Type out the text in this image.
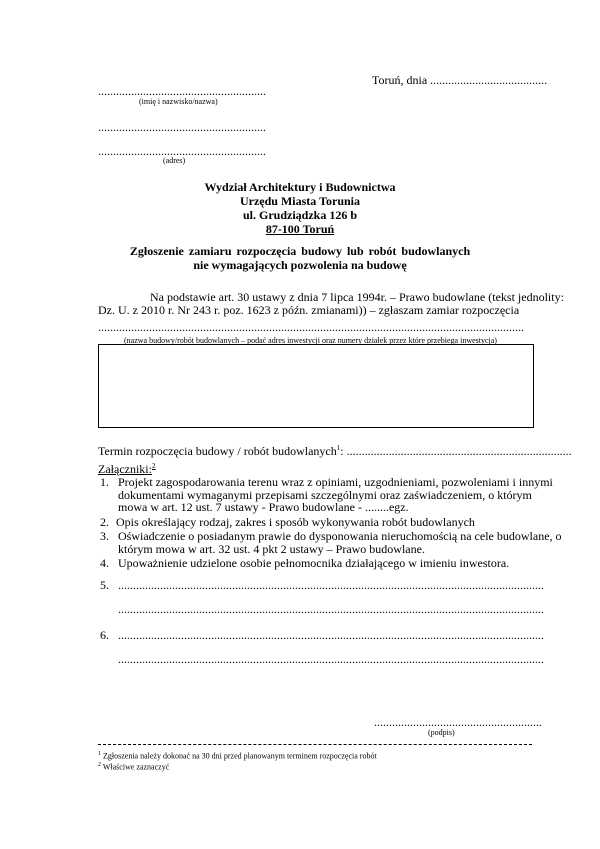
Toruń, dnia .......................................
........................................................
(imię i nazwisko/nazwa)
........................................................
........................................................
(adres)
Wydział Architektury i Budownictwa
Urzędu Miasta Torunia
ul. Grudziądzka 126 b
87-100 Toruń
Zgłoszenie zamiaru rozpoczęcia budowy lub robót budowlanych
nie wymagających pozwolenia na budowę
Na podstawie art. 30 ustawy z dnia 7 lipca 1994r. – Prawo budowlane (tekst jednolity:
Dz. U. z 2010 r. Nr 243 r. poz. 1623 z późn. zmianami)) – zgłaszam zamiar rozpoczęcia
..............................................................................................................................................
(nazwa budowy/robót budowlanych – podać adres inwestycji oraz numery działek przez które przebiega inwestycja)
Termin rozpoczęcia budowy / robót budowlanych$^1$: ...........................................................................
Załączniki:$^2$
1. Projekt zagospodarowania terenu wraz z opiniami, uzgodnieniami, pozwoleniami i innymi
dokumentami wymaganymi przepisami szczególnymi oraz zaświadczeniem, o którym
mowa w art. 12 ust. 7 ustawy - Prawo budowlane - ........egz.
2. Opis określający rodzaj, zakres i sposób wykonywania robót budowlanych
3. Oświadczenie o posiadanym prawie do dysponowania nieruchomością na cele budowlane, o
którym mowa w art. 32 ust. 4 pkt 2 ustawy – Prawo budowlane.
4. Upoważnienie udzielone osobie pełnomocnika działającego w imieniu inwestora.
5. ..............................................................................................................................................
..............................................................................................................................................
6. ..............................................................................................................................................
..............................................................................................................................................
........................................................
(podpis)
$^1$ Zgłoszenia należy dokonać na 30 dni przed planowanym terminem rozpoczęcia robót
$^2$ Właściwe zaznaczyć
